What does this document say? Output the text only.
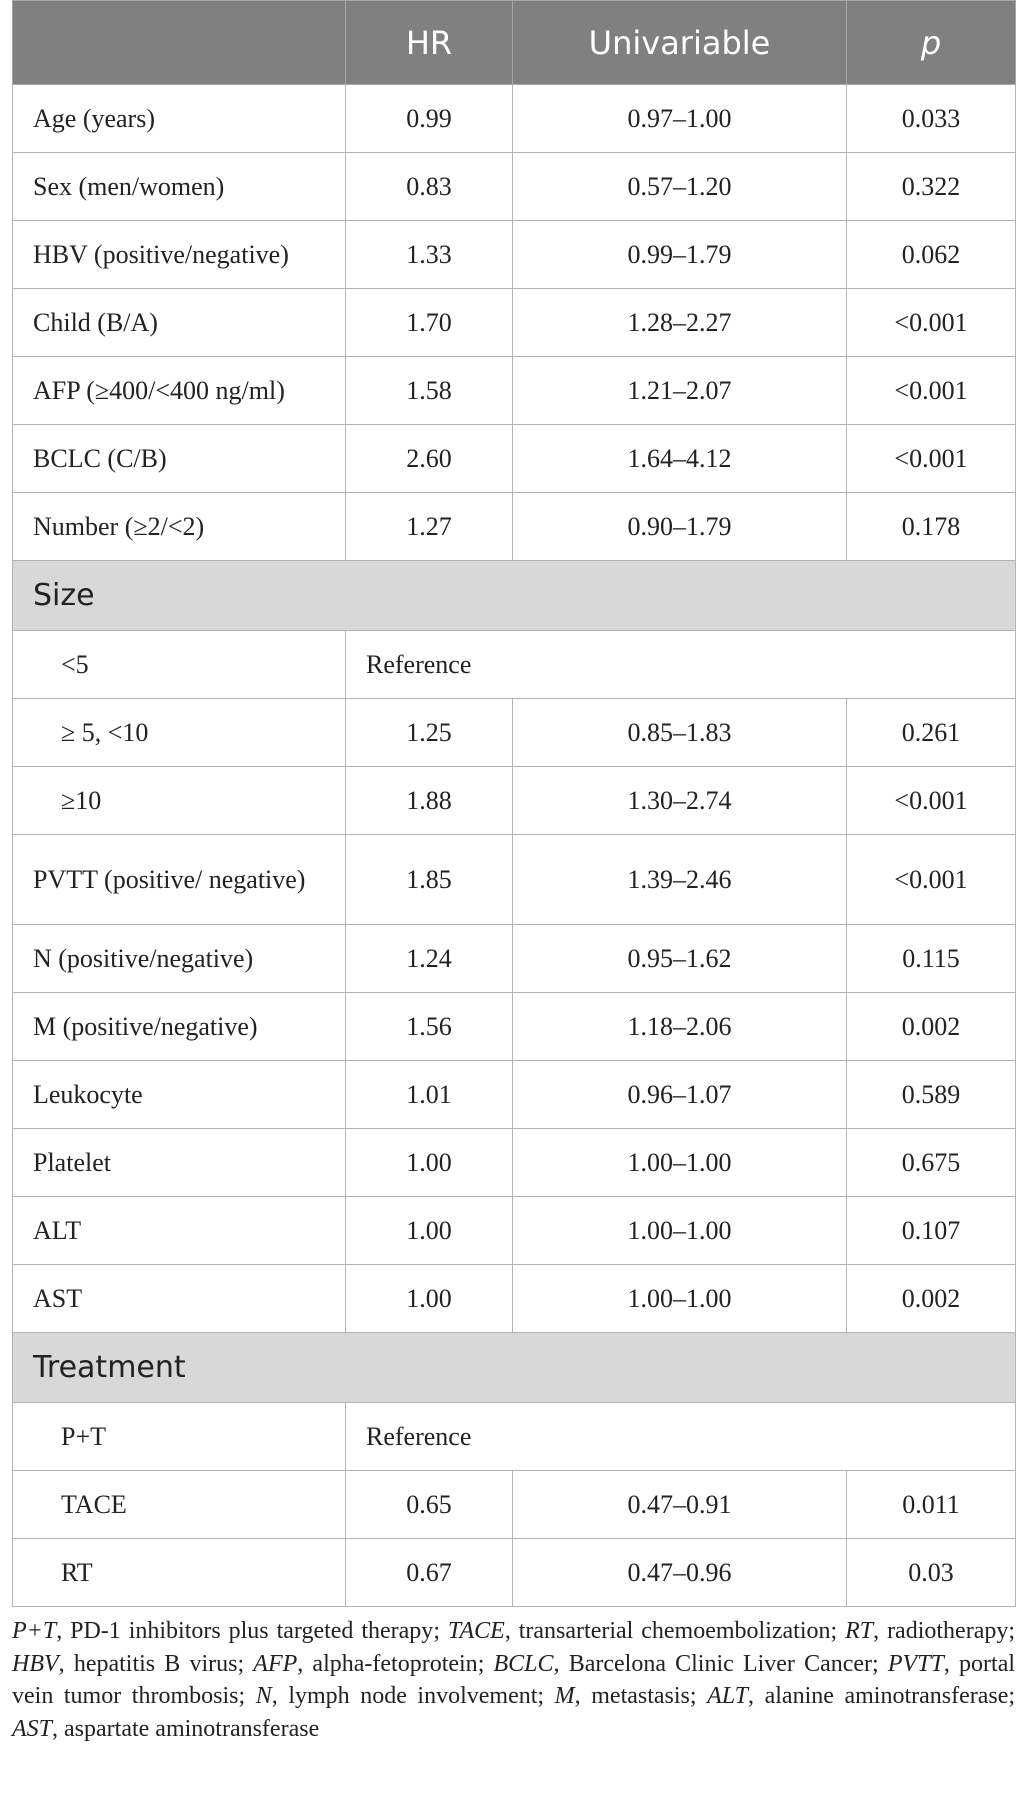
	HR	Univariable	p
Age (years)	0.99	0.97–1.00	0.033
Sex (men/women)	0.83	0.57–1.20	0.322
HBV (positive/negative)	1.33	0.99–1.79	0.062
Child (B/A)	1.70	1.28–2.27	<0.001
AFP (≥400/<400 ng/ml)	1.58	1.21–2.07	<0.001
BCLC (C/B)	2.60	1.64–4.12	<0.001
Number (≥2/<2)	1.27	0.90–1.79	0.178
Size			
<5	Reference		
≥ 5, <10	1.25	0.85–1.83	0.261
≥10	1.88	1.30–2.74	<0.001
PVTT (positive/ negative)	1.85	1.39–2.46	<0.001
N (positive/negative)	1.24	0.95–1.62	0.115
M (positive/negative)	1.56	1.18–2.06	0.002
Leukocyte	1.01	0.96–1.07	0.589
Platelet	1.00	1.00–1.00	0.675
ALT	1.00	1.00–1.00	0.107
AST	1.00	1.00–1.00	0.002
Treatment			
P+T	Reference		
TACE	0.65	0.47–0.91	0.011
RT	0.67	0.47–0.96	0.03
P+T, PD-1 inhibitors plus targeted therapy; TACE, transarterial chemoembolization; RT, radiotherapy; HBV, hepatitis B virus; AFP, alpha-fetoprotein; BCLC, Barcelona Clinic Liver Cancer; PVTT, portal vein tumor thrombosis; N, lymph node involvement; M, metastasis; ALT, alanine aminotransferase; AST, aspartate aminotransferase
